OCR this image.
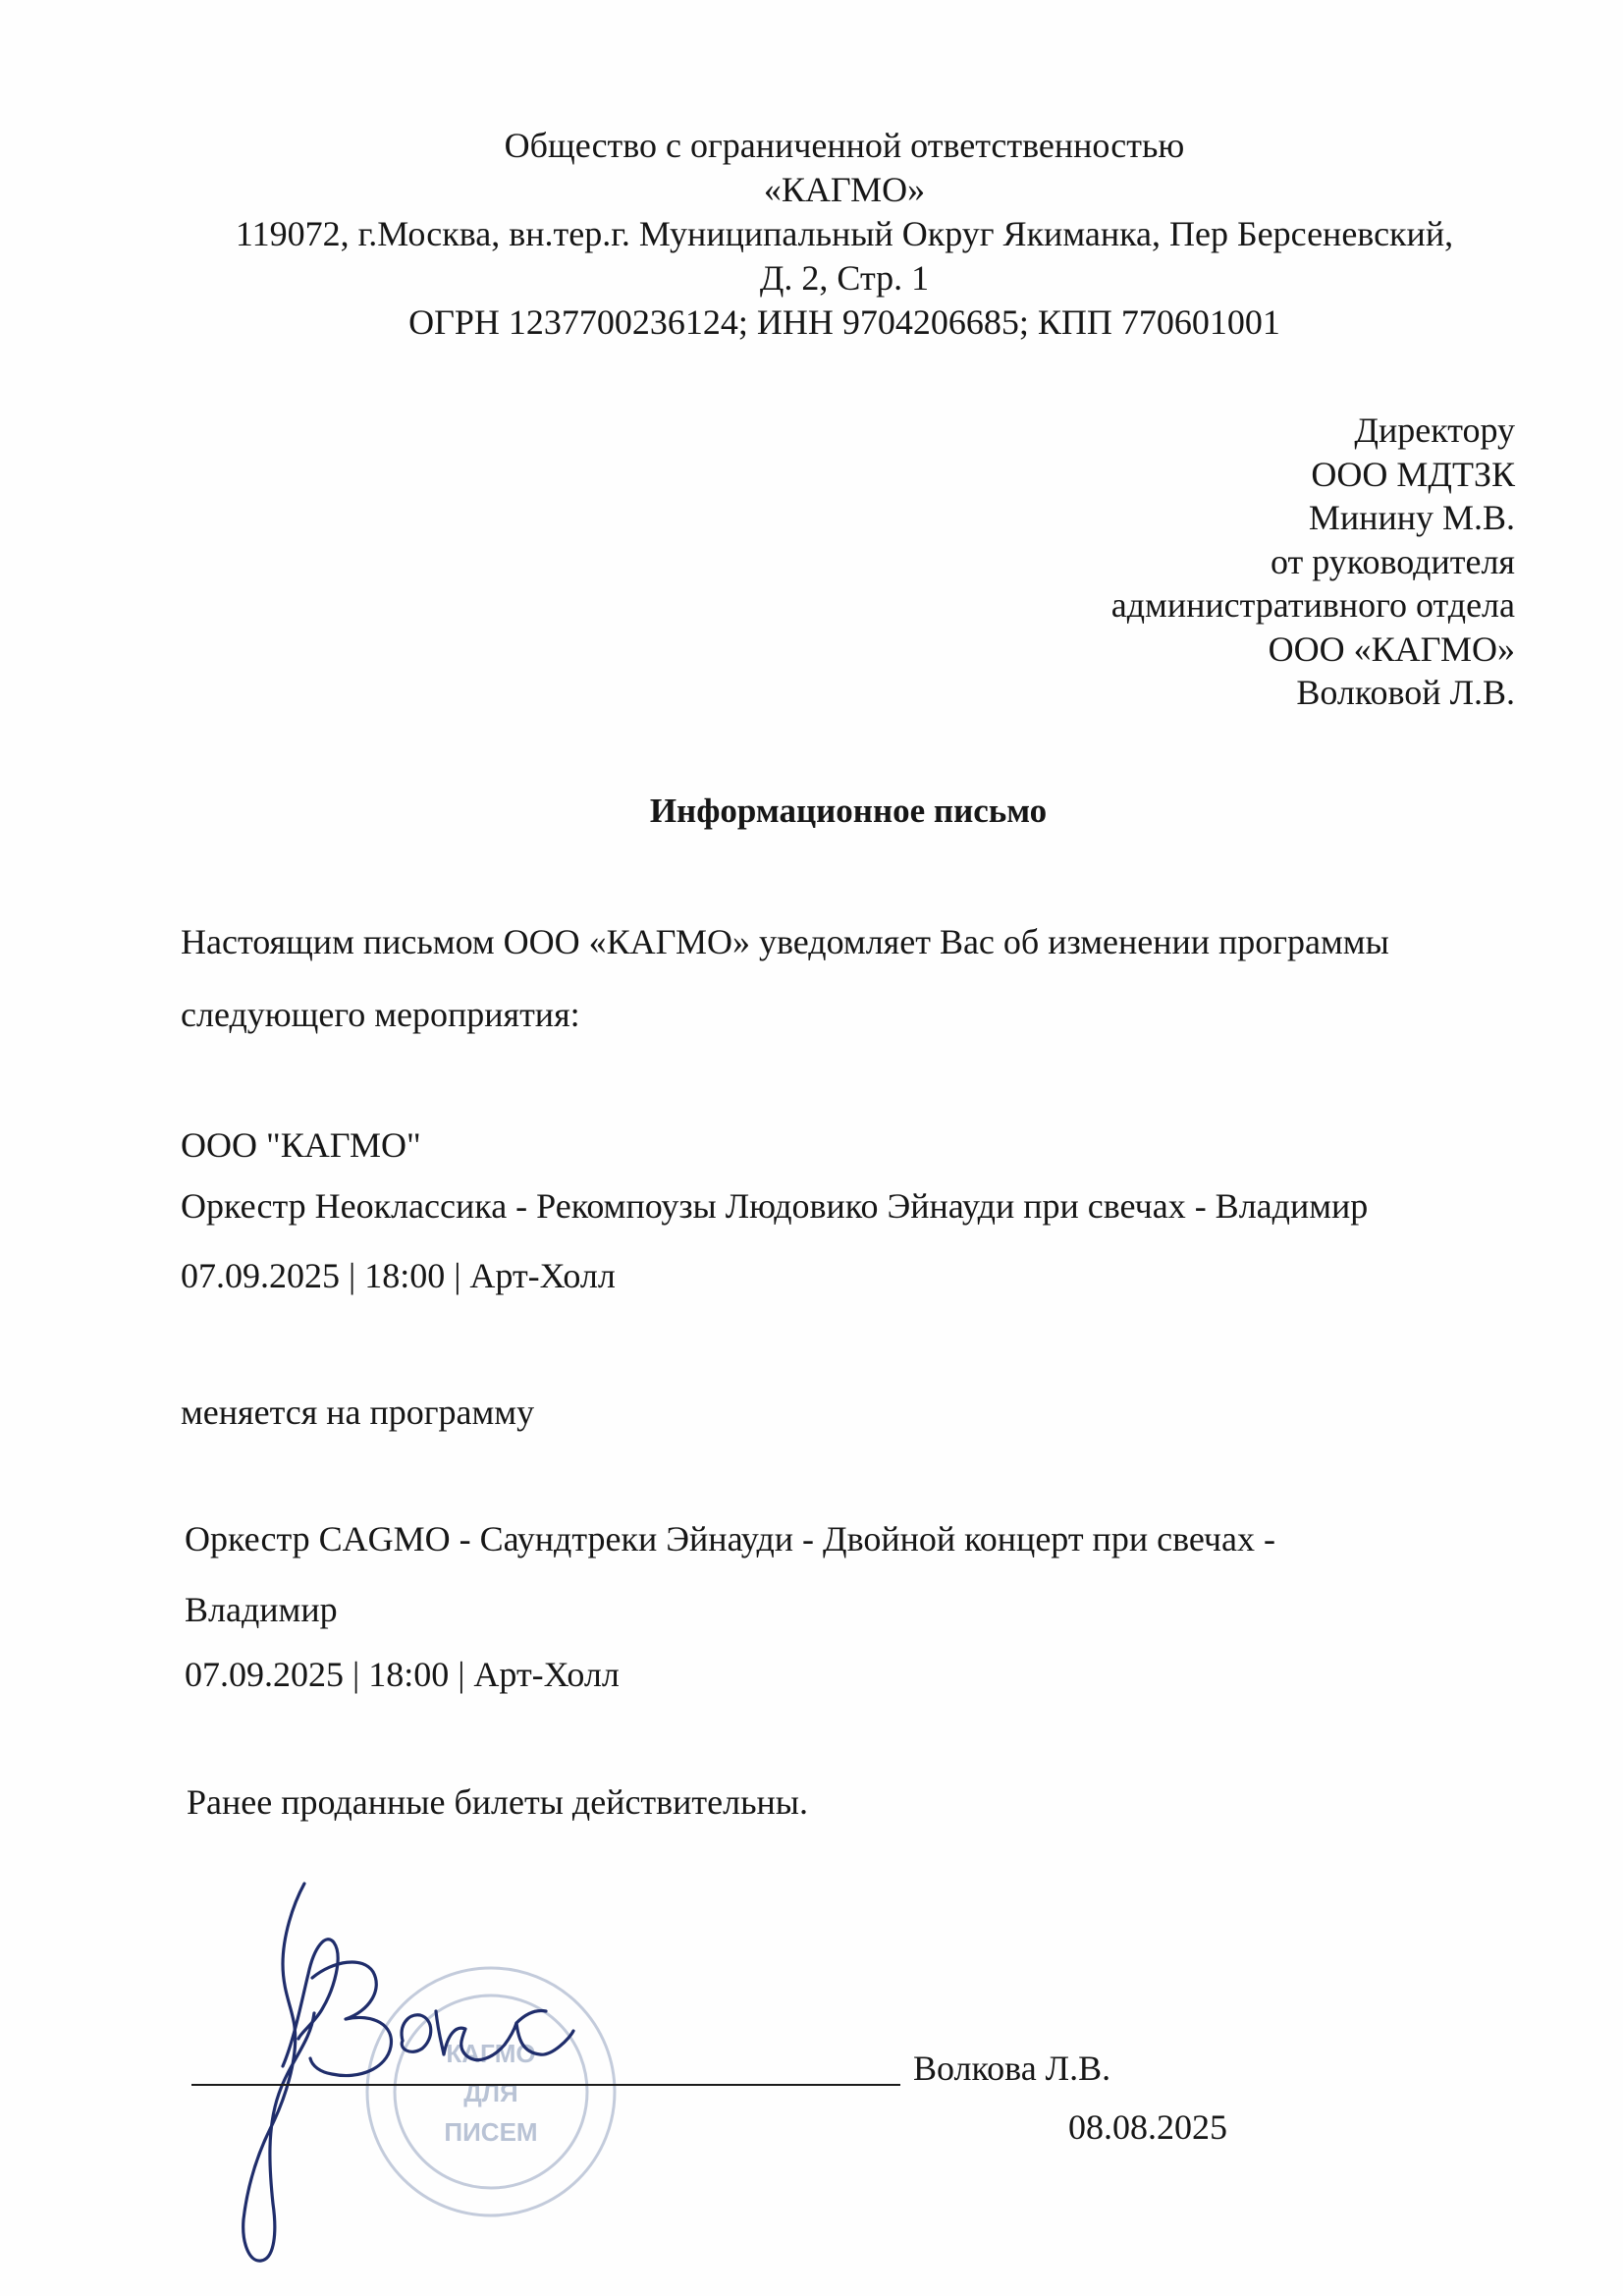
Общество с ограниченной ответственностью
«КАГМО»
119072, г.Москва, вн.тер.г. Муниципальный Округ Якиманка, Пер Берсеневский,
Д. 2, Стр. 1
ОГРН 1237700236124; ИНН 9704206685; КПП 770601001
Директору
ООО МДТЗК
Минину М.В.
от руководителя
административного отдела
ООО «КАГМО»
Волковой Л.В.
Информационное письмо
Настоящим письмом ООО «КАГМО» уведомляет Вас об изменении программы
следующего мероприятия:
ООО "КАГМО"
Оркестр Неоклассика - Рекомпоузы Людовико Эйнауди при свечах - Владимир
07.09.2025 | 18:00 | Арт-Холл
меняется на программу
Оркестр CAGMO - Саундтреки Эйнауди - Двойной концерт при свечах -
Владимир
07.09.2025 | 18:00 | Арт-Холл
Ранее проданные билеты действительны.
КАГМО
ДЛЯ
ПИСЕМ
Волкова Л.В.
08.08.2025
